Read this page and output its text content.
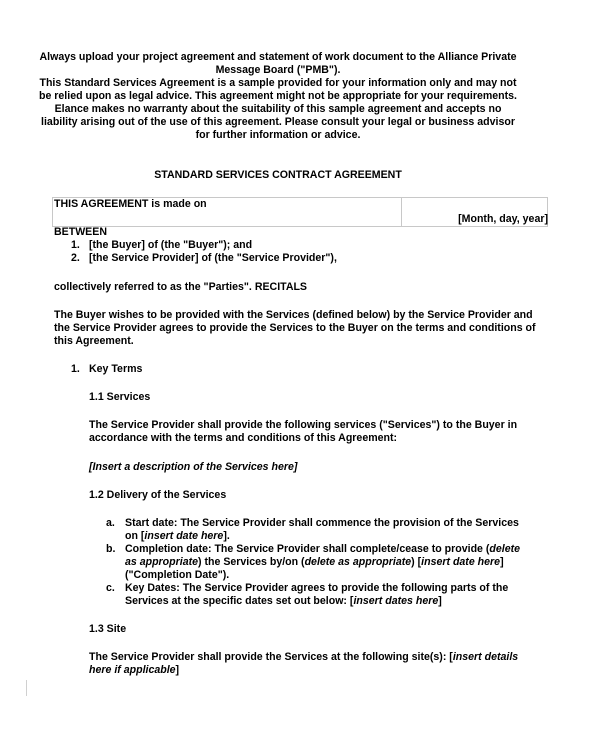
Always upload your project agreement and statement of work document to the Alliance Private
Message Board ("PMB").
This Standard Services Agreement is a sample provided for your information only and may not
be relied upon as legal advice. This agreement might not be appropriate for your requirements.
Elance makes no warranty about the suitability of this sample agreement and accepts no
liability arising out of the use of this agreement. Please consult your legal or business advisor
for further information or advice.
STANDARD SERVICES CONTRACT AGREEMENT
THIS AGREEMENT is made on
[Month, day, year]
BETWEEN
1. [the Buyer] of (the "Buyer"); and
2. [the Service Provider] of (the "Service Provider"),
collectively referred to as the "Parties". RECITALS
The Buyer wishes to be provided with the Services (defined below) by the Service Provider and
the Service Provider agrees to provide the Services to the Buyer on the terms and conditions of
this Agreement.
1. Key Terms
1.1 Services
The Service Provider shall provide the following services ("Services") to the Buyer in
accordance with the terms and conditions of this Agreement:
[Insert a description of the Services here]
1.2 Delivery of the Services
a. Start date: The Service Provider shall commence the provision of the Services
on [insert date here].
b. Completion date: The Service Provider shall complete/cease to provide (delete
as appropriate) the Services by/on (delete as appropriate) [insert date here]
("Completion Date").
c. Key Dates: The Service Provider agrees to provide the following parts of the
Services at the specific dates set out below: [insert dates here]
1.3 Site
The Service Provider shall provide the Services at the following site(s): [insert details
here if applicable]
